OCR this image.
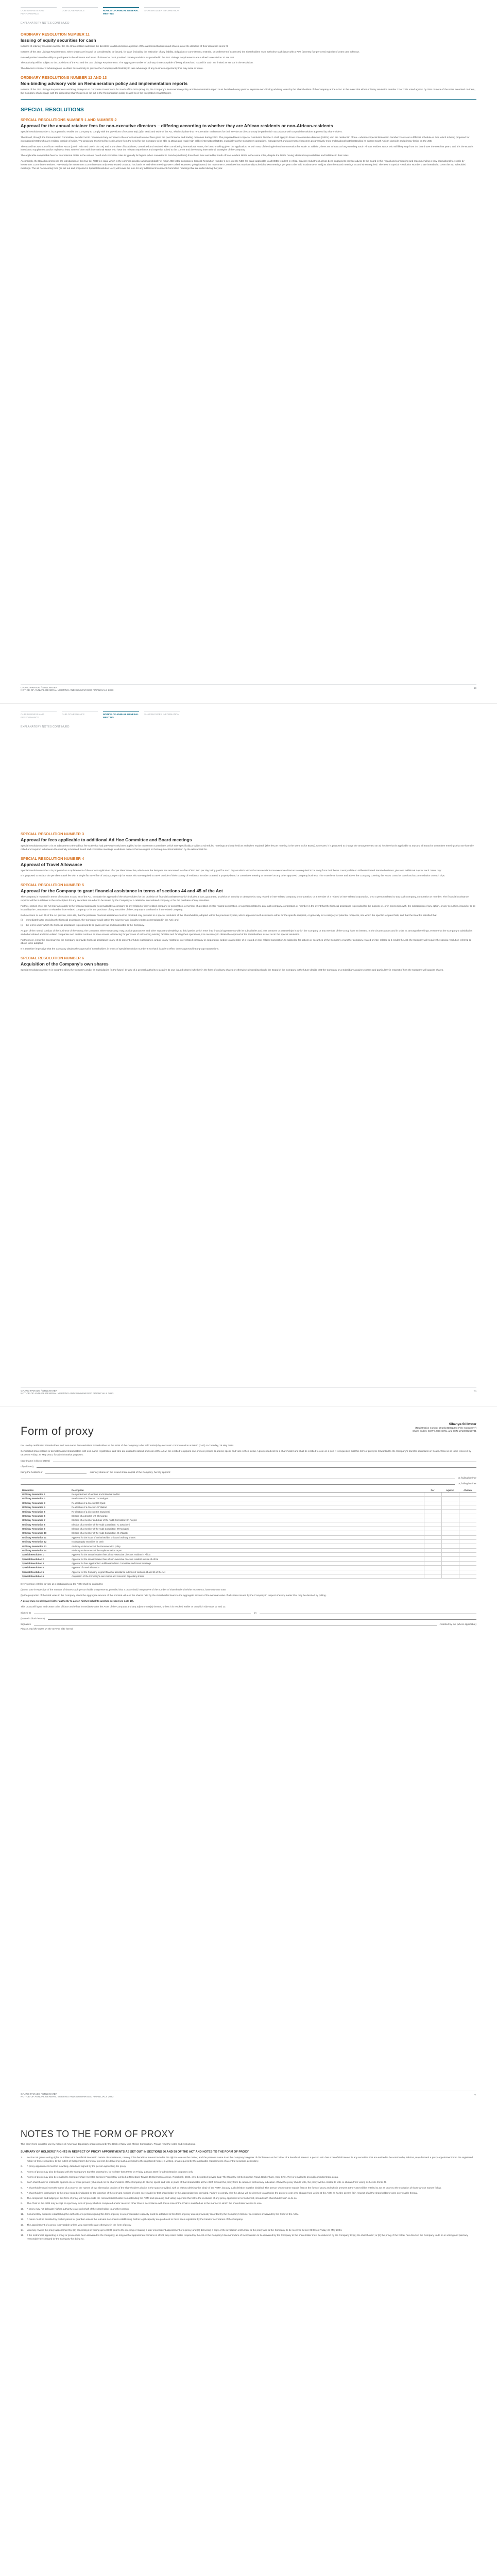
OUR BUSINESS AND PERFORMANCE
OUR GOVERNANCE	NOTICE OF ANNUAL GENERAL MEETING
SHAREHOLDER INFORMATION
EXPLANATORY NOTES CONTINUED
ORDINARY RESOLUTION NUMBER 11
Issuing of equity securities for cash

In terms of ordinary resolution number 10, the Shareholders authorise the directors to allot and issue a portion of the authorised but unissued shares, as at the directors of their discretion deem fit.

In terms of the JSE Listings Requirements, when shares are issued, or considered to be issued, for cash (including the extinction of any liability, obligation or commitment, restraint, or settlement of expenses) the Shareholders must authorise such issue with a 75% (seventy five per cent) majority of votes cast in favour.

Related parties have the ability to participate in the allotment and issue of shares for cash provided certain provisions as provided in the JSE Listings Requirements are outlined in resolution 10 are met.

The authority will be subject to the provisions of the Act and the JSE Listings Requirements. The aggregate number of ordinary shares capable of being allotted and issued for cash are limited as set out in the resolution.

The directors consider it advantageous to obtain this authority to provide the Company with flexibility to take advantage of any business opportunity that may arise in future.

ORDINARY RESOLUTIONS NUMBER 12 AND 13
Non-binding advisory vote on Remuneration policy and implementation reports

In terms of the JSE Listings Requirements and King IV Report on Corporate Governance for South Africa 2016 (King IV), the Company's Remuneration policy and implementation report must be tabled every year for separate non-binding advisory votes by the Shareholders of the Company at the AGM. In the event that either ordinary resolution number 12 or 13 is voted against by 25% or more of the votes exercised on them, the Company shall engage with the dissenting Shareholders as set out in the Remuneration policy as well as in the Integrated Annual Report.

SPECIAL RESOLUTIONS
SPECIAL RESOLUTIONS NUMBER 1 AND NUMBER 2
Approval for the annual retainer fees for non-executive directors – differing according to whether they are African residents or non-African-residents

Special resolution number 1 is proposed to enable the Company to comply with the provisions of sections 65(11)(h), 66(8) and 66(9) of the Act, which stipulate that remuneration to directors for their service as directors may be paid only in accordance with a special resolution approved by Shareholders.

The Board, through the Remuneration Committee, decided not to recommend any increase to the current annual retainer fees given the poor financial and trading outcomes during 2023. The proposed fees in Special Resolution Number 1 shall apply to those non-executive directors (NEDs) who are resident in Africa – whereas Special Resolution Number 2 sets out a different schedule of fees which is being proposed for international NEDs who are resident outside of Africa. The proposed two-tiered fee scale arises from the need for the Company to be able to attract and retain high calibre international NEDs, especially as the Company's operations, management and governance becomes progressively more multinational notwithstanding its current South African domicile and primary listing on the JSE.

The Board has two non-African resident NEDs (one in Asia and one in the UK) and in the view of its advisers, committed and retained when considering international NEDs, the benchmarking given the application, as with now, of the single-tiered remuneration fee scale. In addition, there are at least as long-standing South African resident NEDs who will likely step from the board over the next few years, and it is the Board's intention to supplement and/or replace at least some of them with international NEDs who have the relevant experience and expertise suited to the current and developing international strategies of the Company.

The applicable comparable fees for international NEDs in the various board and committee roles is typically far higher (when converted to Rand equivalents) than those fees earned by South African resident NEDs in the same roles, despite the NEDs having identical responsibilities and liabilities in their roles.

Accordingly, the Board recommends the introduction of this two-tier NED fee scale which is the common practice amongst globally of major JSE-listed companies. Special Resolution Number 1 sets out the NED fee scale applicable to all NEDs resident in Africa. Bracken Industries Ltd has been engaged to provide advice to the Board in this regard and considering and recommending a new international fee scale by investment Committee members. Previously the Investment Committee was only remunerated on an ad hoc basis as and when meetings were called. However, going forward, the Investment Committee has now formally scheduled two meetings per year to be held in advance of and just after the Board meetings as and when required. The fees in Special Resolution Number 1 are intended to cover the two scheduled meetings. The ad hoc meeting fees (as set out and proposed in Special Resolution No 3) will cover the fees for any additional Investment Committee meetings that are called during the year.

GRAND PARADE / STILLWATER
NOTICE OF ANNUAL GENERAL MEETING AND SUMMARISED FINANCIALS 2023
69
OUR BUSINESS AND PERFORMANCE
OUR GOVERNANCE	NOTICE OF ANNUAL GENERAL MEETING
SHAREHOLDER INFORMATION
EXPLANATORY NOTES CONTINUED
SPECIAL RESOLUTION NUMBER 3
Approval for fees applicable to additional Ad Hoc Committee and Board meetings

Special resolution number 3 is an adjustment to the ad hoc fee scale that had previously only been applied to the Investment Committee, which now specifically provides a scheduled meetings and only held as and when required. (The fee per meeting is the same as for Board). Moreover, it is proposed to change the arrangement to an ad hoc fee that is applicable to any and all Board or committee meetings that are formally called and required in between the routinely scheduled Board and committee meetings to address matters that are urgent or that require critical attention by the relevant NEDs.

SPECIAL RESOLUTION NUMBER 4
Approval of Travel Allowance

Special resolution number 4 is proposed as a replacement of the current application of a 'per diem' travel fee, which over the last year has amounted to a fee of R22,500 per day being paid for each day on which NEDs that are resident non-executive directors are required to be away from their home country while on Stillwater/Grand Parade business, plus one additional day for each 'travel day'.

It is proposed to replace the per diem travel fee with a single flat travel fee of US$1,000 per trip for NEDs who are required to travel outside of their country of residence in order to attend a properly board or committee meeting or to travel on any other approved company business. The Travel Fee is over and above the Company covering the NEDs' costs for travel and accommodation on such trips.

SPECIAL RESOLUTION NUMBER 5
Approval for the Company to grant financial assistance in terms of sections 44 and 45 of the Act

The Company is required in terms of sections 44 and 45 of the Act, to obtain the approval of the Shareholders for the provision of financial assistance (which includes a loan, guarantee, provision of security or otherwise) to any related or inter-related company or corporation, or a member of a related or inter-related corporation, or to a person related to any such company, corporation or member. The financial assistance required will be in relation to the subscription for any securities issued or to be issued by the Company or a related or inter-related company, or for the purchase of any securities.

Further, section 45 of the Act may also apply to the financial assistance so provided by a company to any related or inter-related company or corporation, a member of a related or inter-related corporation, or a person related to any such company, corporation or member in the event that the financial assistance is provided for the purpose of, or in connection with, the subscription of any option, or any securities, issued or to be issued by the Company or a related or inter-related company, or for the purchase of any securities of the Company or a related or inter-related company.

Both sections 44 and 45 of the Act provide, inter alia, that the particular financial assistance must be provided only pursuant to a special resolution of the Shareholders, adopted within the previous 2 years, which approved such assistance either for the specific recipient, or generally for a category of potential recipients, into which the specific recipient falls, and that the Board is satisfied that:

(i) immediately after providing the financial assistance, the Company would satisfy the solvency and liquidity test (as contemplated in the Act); and

(ii) the terms under which the financial assistance is proposed to be given are fair and reasonable to the Company.

As part of the normal conduct of the business of the Group, the Company, where necessary, may provide guarantees and other support undertakings to third parties which enter into financial agreements with its subsidiaries and joint ventures or partnerships in which the Company or any member of the Group have an interest. In the circumstances and in order to, among other things, ensure that the Company's subsidiaries and other related and inter-related companies and entities continue to have access to financing for purposes of refinancing existing facilities and funding their operations, it is necessary to obtain the approval of the Shareholders as set out in the special resolution.

Furthermore, it may be necessary for the Company to provide financial assistance to any of its present or future subsidiaries, and/or to any related or inter-related company or corporation, and/or to a member of a related or inter-related corporation, to subscribe for options or securities of the Company or another company related or inter-related to it. Under the Act, the Company will require the special resolution referred to above to be adopted.

It is therefore imperative that the Company obtains the approval of Shareholders in terms of special resolution number 5 so that it is able to effect these approved intra-group transactions.

SPECIAL RESOLUTION NUMBER 6
Acquisition of the Company's own shares

Special resolution number 6 is sought to allow the Company and/or its Subsidiaries (in the future) by way of a general authority to acquire its own issued shares (whether in the form of ordinary shares or otherwise) depending should the Board of the Company in the future decide that the Company or a Subsidiary acquires shares and particularly in respect of how the Company will acquire shares.

GRAND PARADE / STILLWATER
NOTICE OF ANNUAL GENERAL MEETING AND SUMMARISED FINANCIALS 2023
70
Form of proxy
Sibanye-Stillwater
(Registration number 2014/243852/06) ("the Company")
Share codes: SSW / JSE: SSW, and ISIN: ZAE000259701

For use by certificated Shareholders and own-name dematerialised Shareholders of the AGM of the Company to be held entirely by electronic communication at 09:00 (CAT) on Tuesday, 28 May 2024.

Certificated shareholders or dematerialised shareholders with own-name registration, and who are entitled to attend and vote at the AGM, are entitled to appoint one or more proxies to attend, speak and vote in their stead. A proxy need not be a shareholder and shall be entitled to vote on a poll. It is requested that this form of proxy be forwarded to the Company's transfer secretaries in South Africa so as to be received by 09:00 on Friday, 24 May 2024, for administrative purposes.

I/We (name in block letters)
of (address)
being the holder/s of	ordinary shares in the issued share capital of the Company, hereby appoint:
or, failing him/her
or, failing him/her
Resolution	Description	For	Against	Abstain
Ordinary Resolution 1	Re-appointment of auditors and individual auditor			
Ordinary Resolution 2	Re-election of a director: TM Mokgosi			
Ordinary Resolution 3	Re-election of a director: DC Quist			
Ordinary Resolution 4	Re-election of a director: JS Vilakazi			
Ordinary Resolution 5	Re-election of a director: ES Gwacheni			
Ordinary Resolution 6	Election of a director: VG Chinyandu			
Ordinary Resolution 7	Election of a member and chair of the Audit Committee: KA Rayner			
Ordinary Resolution 8	Election of a member of the Audit Committee: TL Gwacheni			
Ordinary Resolution 9	Election of a member of the Audit Committee: KR Mokgosi			
Ordinary Resolution 10	Election of a member of the Audit Committee: JS Vilakazi			
Ordinary Resolution 11	Approval for the issue of authorised but unissued ordinary shares			
Ordinary Resolution 12	Issuing equity securities for cash			
Ordinary Resolution 13	Advisory endorsement of the Remuneration policy			
Ordinary Resolution 14	Advisory endorsement of the Implementation report			
Special Resolution 1	Approval for the annual retainer fees of non-executive directors resident in Africa			
Special Resolution 2	Approval for the annual retainer fees of non-executive directors resident outside of Africa			
Special Resolution 3	Approval for fees applicable to additional Ad Hoc Committee and Board meetings			
Special Resolution 4	Approval of travel allowance			
Special Resolution 5	Approval for the Company to grant financial assistance in terms of sections 44 and 45 of the Act			
Special Resolution 6	Acquisition of the Company's own shares and American depositary shares			

Every person entitled to vote at a participating at the AGM shall be entitled to:

(a) one vote irrespective of the number of shares such person holds or represents, provided that a proxy shall, irrespective of the number of shareholders he/she represents, have only one vote;

(b) the proportion of the total votes in the Company which the aggregate amount of the nominal value of the shares held by the shareholder bears to the aggregate amount of the nominal value of all shares issued by the Company in respect of every matter that may be decided by polling.

A proxy may not delegate his/her authority to act on his/her behalf to another person (see note 10).

This proxy will lapse and cease to be of force and effect immediately after the AGM of the Company and any adjournment(s) thereof, unless it is revoked earlier or on which side note 12 and 13.

Signed at	on
(Name in block letters)
Signature	Assisted by me (where applicable)

Please read the notes on the reverse side hereof.

GRAND PARADE / STILLWATER
NOTICE OF ANNUAL GENERAL MEETING AND SUMMARISED FINANCIALS 2023
71
NOTES TO THE FORM OF PROXY

This proxy form is not for use by holders of American depositary shares issued by the Bank of New York Mellon Corporation. Please read the notes and instructions.

SUMMARY OF HOLDERS' RIGHTS IN RESPECT OF PROXY APPOINTMENTS AS SET OUT IN SECTIONS 56 AND 58 OF THE ACT AND NOTES TO THE FORM OF PROXY
1. Section 58 grants voting rights to holders of a beneficial interest in certain circumstances, namely if the beneficial interest includes the right to vote on the matter, and the person's name is on the Company's register of disclosures as the holder of a beneficial interest. A person who has a beneficial interest in any securities that are entitled to be voted on by Sabrina, may demand a proxy appointment from the registered holder of those securities, to the extent of that person's beneficial interest, by delivering such a demand to the registered holder, in writing, or as required by the applicable requirements of a central securities depository.
2. A proxy appointment must be in writing, dated and signed by the person appointing the proxy.
3. Forms of proxy may also be lodged with the Company's transfer secretaries, by no later than 09:00 on Friday, 24 May 2024 for administrative purposes only.
4. Forms of proxy may also be emailed to Computershare Investor Services Proprietary Limited at Rosebank Towers 15 Biermann Avenue, Rosebank, 2196, or to be posted (private bag: The Registry, 34 Beckenham Road, Beckenham, Kent BR3 4TU) or emailed to proxy@computershare.co.za.
5. Each shareholder is entitled to appoint one or more proxies (who need not be shareholders of the Company) to attend, speak and vote in place of that shareholder at the AGM. Should this proxy form be returned without any indication of how the proxy should vote, the proxy will be entitled to vote or abstain from voting as he/she thinks fit.
6. A shareholder may insert the name of a proxy or the names of two alternative proxies of the shareholder's choice in the space provided, with or without deleting 'the Chair of the AGM', but any such deletion must be initialled. The person whose name stands first on the form of proxy and who is present at the AGM will be entitled to act as proxy to the exclusion of those whose names follow.
7. A shareholder's instructions to the proxy must be indicated by the insertion of the relevant number of votes exercisable by that shareholder in the appropriate box provided. Failure to comply with the above will be deemed to authorise the proxy to vote or to abstain from voting at the AGM as he/she deems fit in respect of all the shareholder's votes exercisable thereat.
8. The completion and lodging of this form of proxy will not preclude the relevant shareholder from attending the AGM and speaking and voting in person thereat to the exclusion of any proxy appointed in terms hereof, should such shareholder wish to do so.
9. The Chair of the AGM may accept or reject any form of proxy which is completed and/or received other than in accordance with these notes if the Chair is satisfied as to the manner in which the shareholder wishes to vote.
10. A proxy may not delegate his/her authority to act on behalf of the shareholder to another person.
11. Documentary evidence establishing the authority of a person signing this form of proxy in a representative capacity must be attached to this form of proxy unless previously recorded by the Company's transfer secretaries or waived by the Chair of the AGM.
12. A minor must be assisted by his/her parent or guardian unless the relevant documents establishing his/her legal capacity are produced or have been registered by the transfer secretaries of the Company.
13. The appointment of a proxy is revocable unless you expressly state otherwise in the form of proxy.
14. You may revoke the proxy appointment by: (a) cancelling it in writing up to 09:00 prior to the meeting or making a later inconsistent appointment of a proxy; and (b) delivering a copy of the revocation instrument to the proxy and to the Company, to be received before 09:00 on Friday, 24 May 2024.
15. If the instrument appointing a proxy or proxies has been delivered to the Company, as long as that appointment remains in effect, any notice that is required by the Act or the Company's Memorandum of Incorporation to be delivered by the Company to the shareholder must be delivered by the Company to: (a) the shareholder; or (b) the proxy, if the holder has directed the Company to do so in writing and paid any reasonable fee charged by the Company for doing so.
